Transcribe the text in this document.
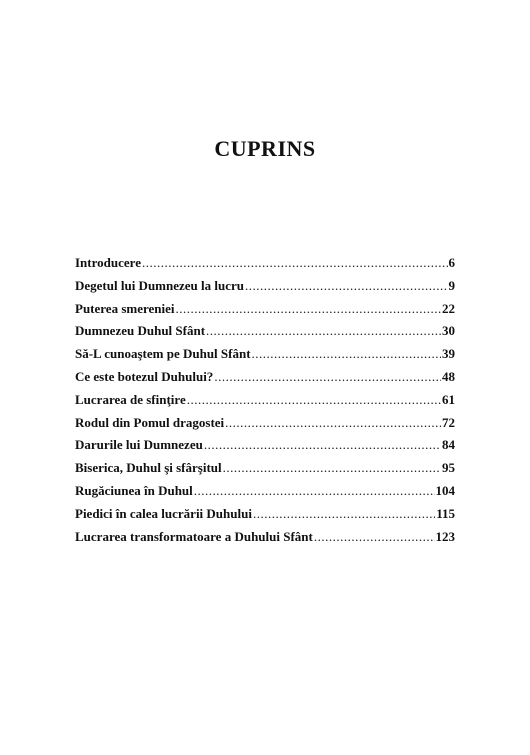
CUPRINS
Introducere .....	6
Degetul lui Dumnezeu la lucru .....	9
Puterea smereniei .....	22
Dumnezeu Duhul Sfânt .....	30
Să-L cunoaştem pe Duhul Sfânt .....	39
Ce este botezul Duhului? .....	48
Lucrarea de sfinţire .....	61
Rodul din Pomul dragostei .....	72
Darurile lui Dumnezeu .....	84
Biserica, Duhul şi sfârşitul .....	95
Rugăciunea în Duhul .....	104
Piedici în calea lucrării Duhului .....	115
Lucrarea transformatoare a Duhului Sfânt .....	123
